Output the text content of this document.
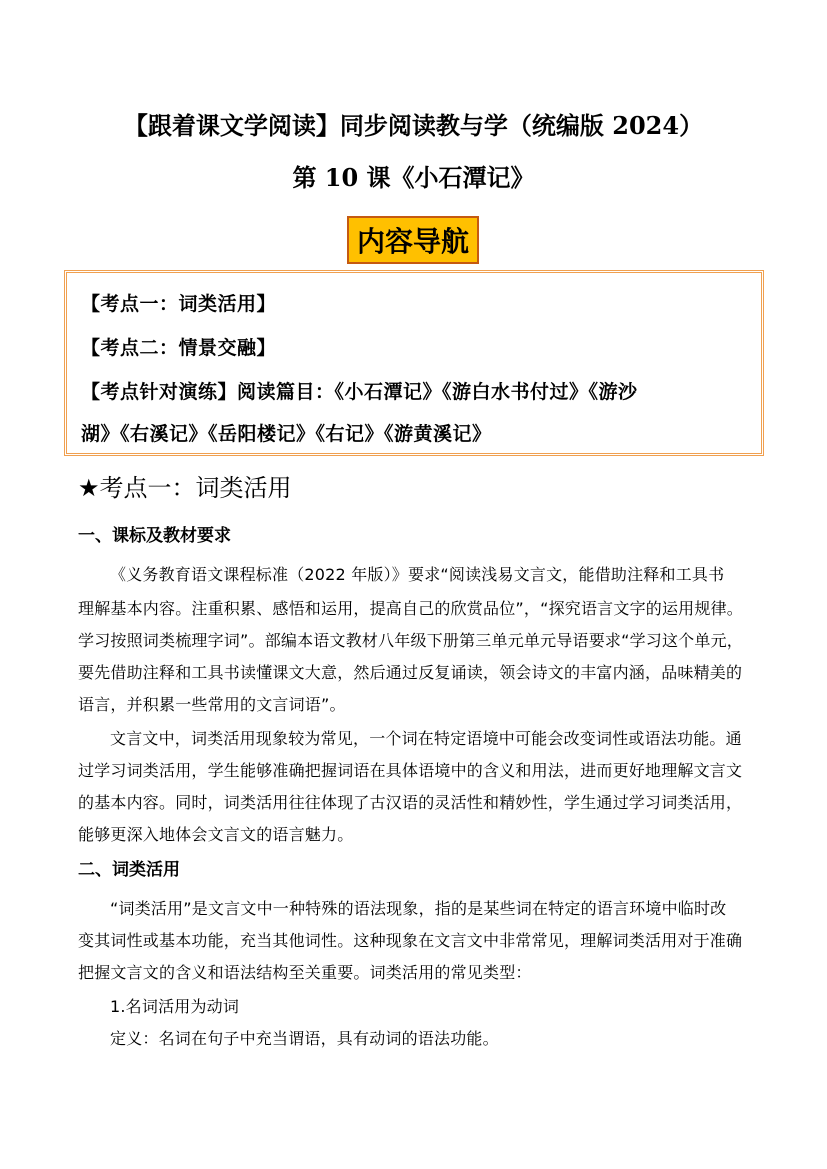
【跟着课文学阅读】同步阅读教与学（统编版 2024）
第 10 课《小石潭记》
内容导航
【考点一：词类活用】
【考点二：情景交融】
【考点针对演练】阅读篇目：《小石潭记》《游白水书付过》《游沙
湖》《右溪记》《岳阳楼记》《右记》《游黄溪记》
★考点一：词类活用
一、课标及教材要求
《义务教育语文课程标准（2022 年版）》要求“阅读浅易文言文，能借助注释和工具书
理解基本内容。注重积累、感悟和运用，提高自己的欣赏品位”，“探究语言文字的运用规律。
学习按照词类梳理字词”。部编本语文教材八年级下册第三单元单元导语要求“学习这个单元，
要先借助注释和工具书读懂课文大意，然后通过反复诵读，领会诗文的丰富内涵，品味精美的
语言，并积累一些常用的文言词语”。
文言文中，词类活用现象较为常见，一个词在特定语境中可能会改变词性或语法功能。通
过学习词类活用，学生能够准确把握词语在具体语境中的含义和用法，进而更好地理解文言文
的基本内容。同时，词类活用往往体现了古汉语的灵活性和精妙性，学生通过学习词类活用，
能够更深入地体会文言文的语言魅力。
二、词类活用
“词类活用”是文言文中一种特殊的语法现象，指的是某些词在特定的语言环境中临时改
变其词性或基本功能，充当其他词性。这种现象在文言文中非常常见，理解词类活用对于准确
把握文言文的含义和语法结构至关重要。词类活用的常见类型：
1.名词活用为动词
定义：名词在句子中充当谓语，具有动词的语法功能。
